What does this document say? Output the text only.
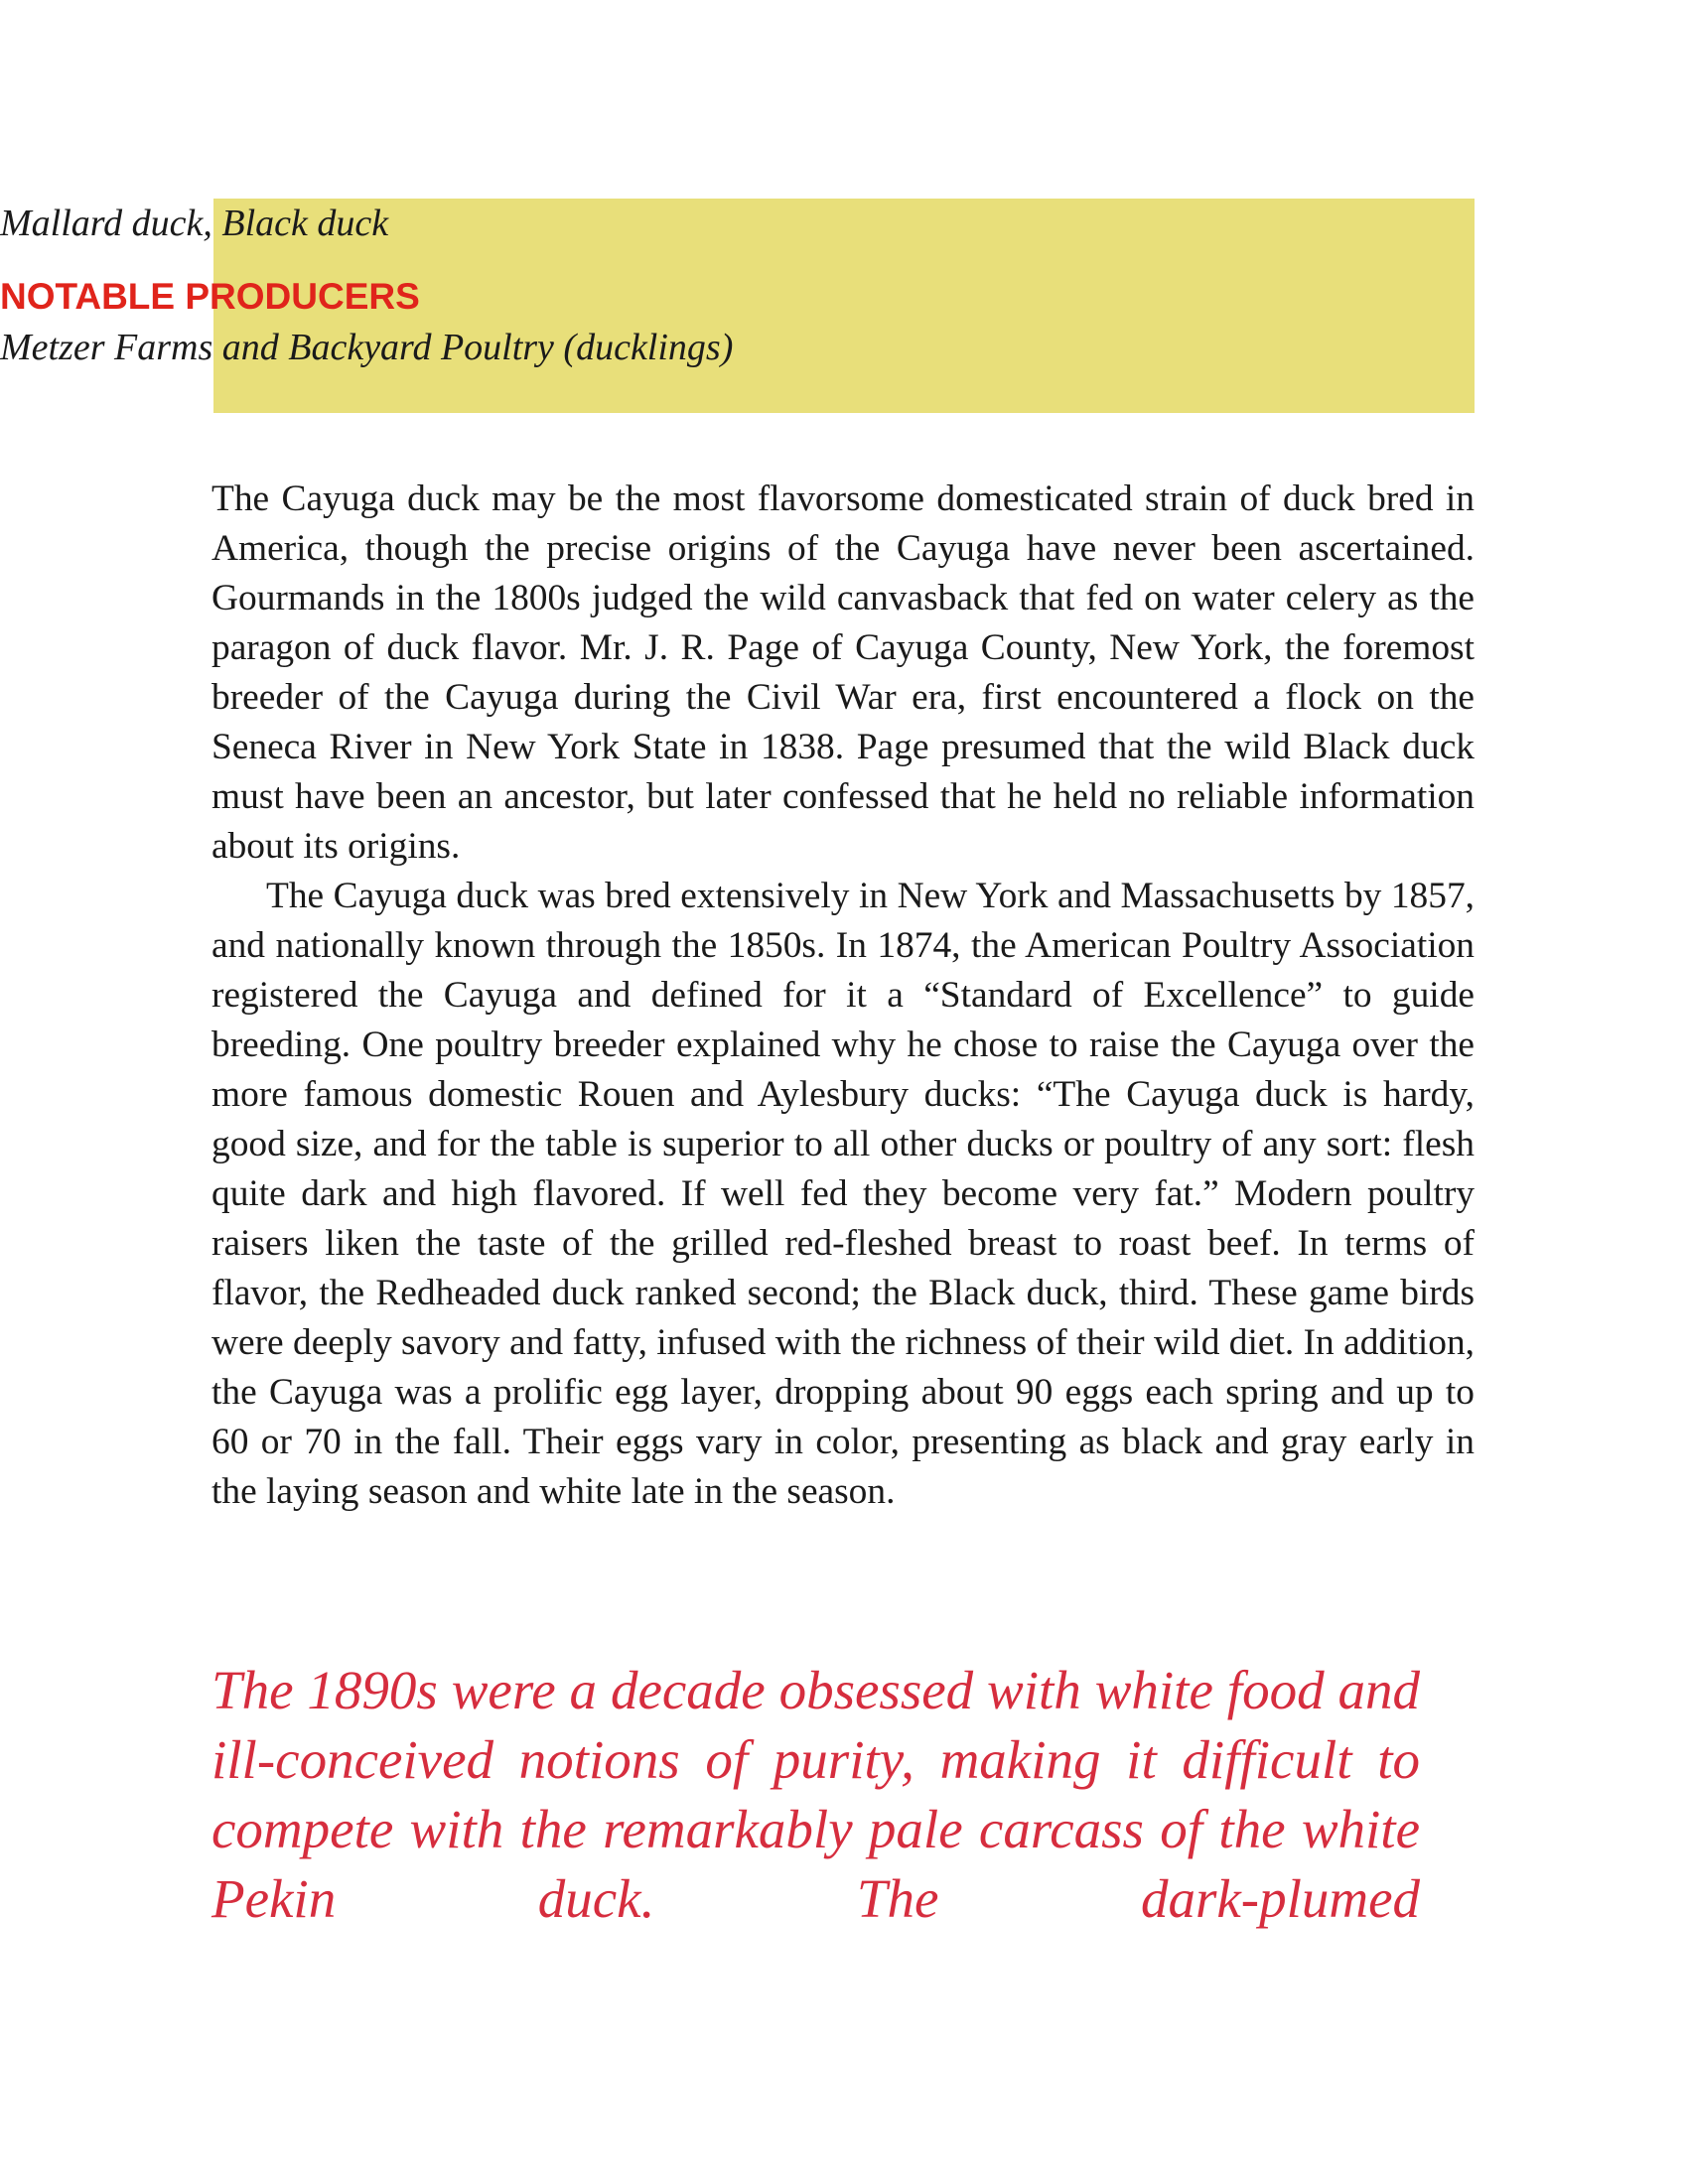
Mallard duck, Black duck
NOTABLE PRODUCERS
Metzer Farms and Backyard Poultry (ducklings)

The Cayuga duck may be the most flavorsome domesticated strain of duck bred in America, though the precise origins of the Cayuga have never been ascertained. Gourmands in the 1800s judged the wild canvasback that fed on water celery as the paragon of duck flavor. Mr. J. R. Page of Cayuga County, New York, the foremost breeder of the Cayuga during the Civil War era, first encountered a flock on the Seneca River in New York State in 1838. Page presumed that the wild Black duck must have been an ancestor, but later confessed that he held no reliable information about its origins.

The Cayuga duck was bred extensively in New York and Massachusetts by 1857, and nationally known through the 1850s. In 1874, the American Poultry Association registered the Cayuga and defined for it a “Standard of Excellence” to guide breeding. One poultry breeder explained why he chose to raise the Cayuga over the more famous domestic Rouen and Aylesbury ducks: “The Cayuga duck is hardy, good size, and for the table is superior to all other ducks or poultry of any sort: flesh quite dark and high flavored. If well fed they become very fat.” Modern poultry raisers liken the taste of the grilled red-fleshed breast to roast beef. In terms of flavor, the Redheaded duck ranked second; the Black duck, third. These game birds were deeply savory and fatty, infused with the richness of their wild diet. In addition, the Cayuga was a prolific egg layer, dropping about 90 eggs each spring and up to 60 or 70 in the fall. Their eggs vary in color, presenting as black and gray early in the laying season and white late in the season.

The 1890s were a decade obsessed with white food and ill-conceived notions of purity, making it difficult to compete with the remarkably pale carcass of the white Pekin duck. The dark-plumed
